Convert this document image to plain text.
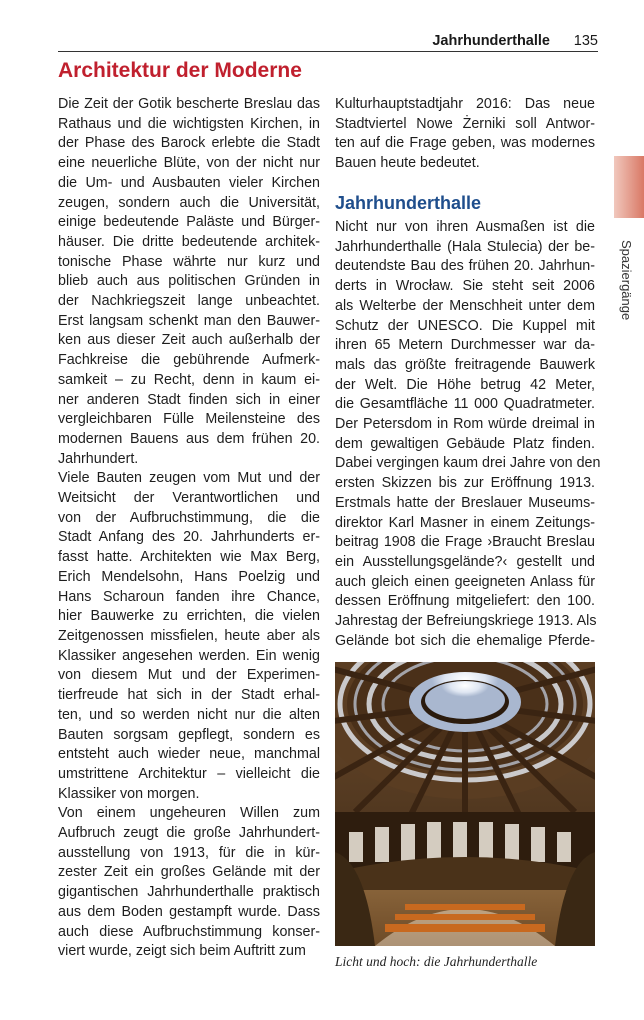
Jahrhunderthalle 135
Spaziergänge
Architektur der Moderne
Die Zeit der Gotik bescherte Breslau das
Rathaus und die wichtigsten Kirchen, in
der Phase des Barock erlebte die Stadt
eine neuerliche Blüte, von der nicht nur
die Um- und Ausbauten vieler Kirchen
zeugen, sondern auch die Universität,
einige bedeutende Paläste und Bürger-
häuser. Die dritte bedeutende architek-
tonische Phase währte nur kurz und
blieb auch aus politischen Gründen in
der Nachkriegszeit lange unbeachtet.
Erst langsam schenkt man den Bauwer-
ken aus dieser Zeit auch außerhalb der
Fachkreise die gebührende Aufmerk-
samkeit – zu Recht, denn in kaum ei-
ner anderen Stadt finden sich in einer
vergleichbaren Fülle Meilensteine des
modernen Bauens aus dem frühen 20.
Jahrhundert.
Viele Bauten zeugen vom Mut und der
Weitsicht der Verantwortlichen und
von der Aufbruchstimmung, die die
Stadt Anfang des 20. Jahrhunderts er-
fasst hatte. Architekten wie Max Berg,
Erich Mendelsohn, Hans Poelzig und
Hans Scharoun fanden ihre Chance,
hier Bauwerke zu errichten, die vielen
Zeitgenossen missfielen, heute aber als
Klassiker angesehen werden. Ein wenig
von diesem Mut und der Experimen-
tierfreude hat sich in der Stadt erhal-
ten, und so werden nicht nur die alten
Bauten sorgsam gepflegt, sondern es
entsteht auch wieder neue, manchmal
umstrittene Architektur – vielleicht die
Klassiker von morgen.
Von einem ungeheuren Willen zum
Aufbruch zeugt die große Jahrhundert-
ausstellung von 1913, für die in kür-
zester Zeit ein großes Gelände mit der
gigantischen Jahrhunderthalle praktisch
aus dem Boden gestampft wurde. Dass
auch diese Aufbruchstimmung konser-
viert wurde, zeigt sich beim Auftritt zum
Kulturhauptstadtjahr 2016: Das neue
Stadtviertel Nowe Żerniki soll Antwor-
ten auf die Frage geben, was modernes
Bauen heute bedeutet.
Jahrhunderthalle
Nicht nur von ihren Ausmaßen ist die
Jahrhunderthalle (Hala Stulecia) der be-
deutendste Bau des frühen 20. Jahrhun-
derts in Wrocław. Sie steht seit 2006
als Welterbe der Menschheit unter dem
Schutz der UNESCO. Die Kuppel mit
ihren 65 Metern Durchmesser war da-
mals das größte freitragende Bauwerk
der Welt. Die Höhe betrug 42 Meter,
die Gesamtfläche 11 000 Quadratmeter.
Der Petersdom in Rom würde dreimal in
dem gewaltigen Gebäude Platz finden.
Dabei vergingen kaum drei Jahre von den
ersten Skizzen bis zur Eröffnung 1913.
Erstmals hatte der Breslauer Museums-
direktor Karl Masner in einem Zeitungs-
beitrag 1908 die Frage ›Braucht Breslau
ein Ausstellungsgelände?‹ gestellt und
auch gleich einen geeigneten Anlass für
dessen Eröffnung mitgeliefert: den 100.
Jahrestag der Befreiungskriege 1913. Als
Gelände bot sich die ehemalige Pferde-
Licht und hoch: die Jahrhunderthalle
